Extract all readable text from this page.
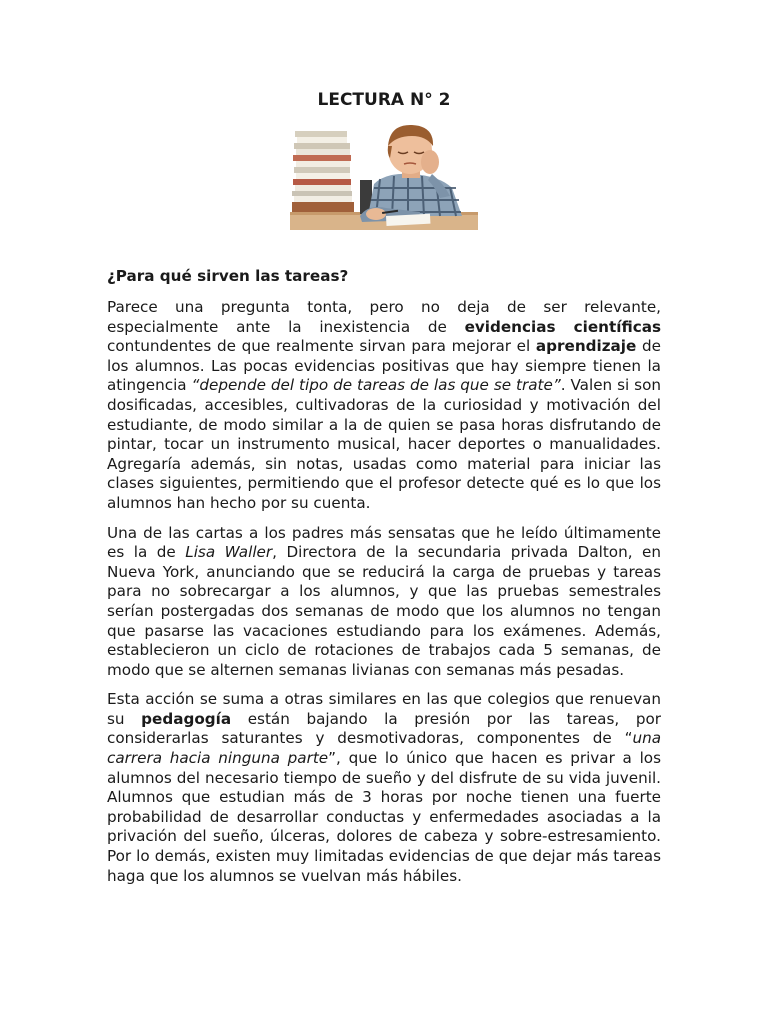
LECTURA N° 2
¿Para qué sirven las tareas?

Parece una pregunta tonta, pero no deja de ser relevante, especialmente ante la inexistencia de evidencias científicas contundentes de que realmente sirvan para mejorar el aprendizaje de los alumnos. Las pocas evidencias positivas que hay siempre tienen la atingencia “depende del tipo de tareas de las que se trate”. Valen si son dosificadas, accesibles, cultivadoras de la curiosidad y motivación del estudiante, de modo similar a la de quien se pasa horas disfrutando de pintar, tocar un instrumento musical, hacer deportes o manualidades. Agregaría además, sin notas, usadas como material para iniciar las clases siguientes, permitiendo que el profesor detecte qué es lo que los alumnos han hecho por su cuenta.

Una de las cartas a los padres más sensatas que he leído últimamente es la de Lisa Waller, Directora de la secundaria privada Dalton, en Nueva York, anunciando que se reducirá la carga de pruebas y tareas para no sobrecargar a los alumnos, y que las pruebas semestrales serían postergadas dos semanas de modo que los alumnos no tengan que pasarse las vacaciones estudiando para los exámenes. Además, establecieron un ciclo de rotaciones de trabajos cada 5 semanas, de modo que se alternen semanas livianas con semanas más pesadas.

Esta acción se suma a otras similares en las que colegios que renuevan su pedagogía están bajando la presión por las tareas, por considerarlas saturantes y desmotivadoras, componentes de “una carrera hacia ninguna parte”, que lo único que hacen es privar a los alumnos del necesario tiempo de sueño y del disfrute de su vida juvenil. Alumnos que estudian más de 3 horas por noche tienen una fuerte probabilidad de desarrollar conductas y enfermedades asociadas a la privación del sueño, úlceras, dolores de cabeza y sobre-estresamiento. Por lo demás, existen muy limitadas evidencias de que dejar más tareas haga que los alumnos se vuelvan más hábiles.
